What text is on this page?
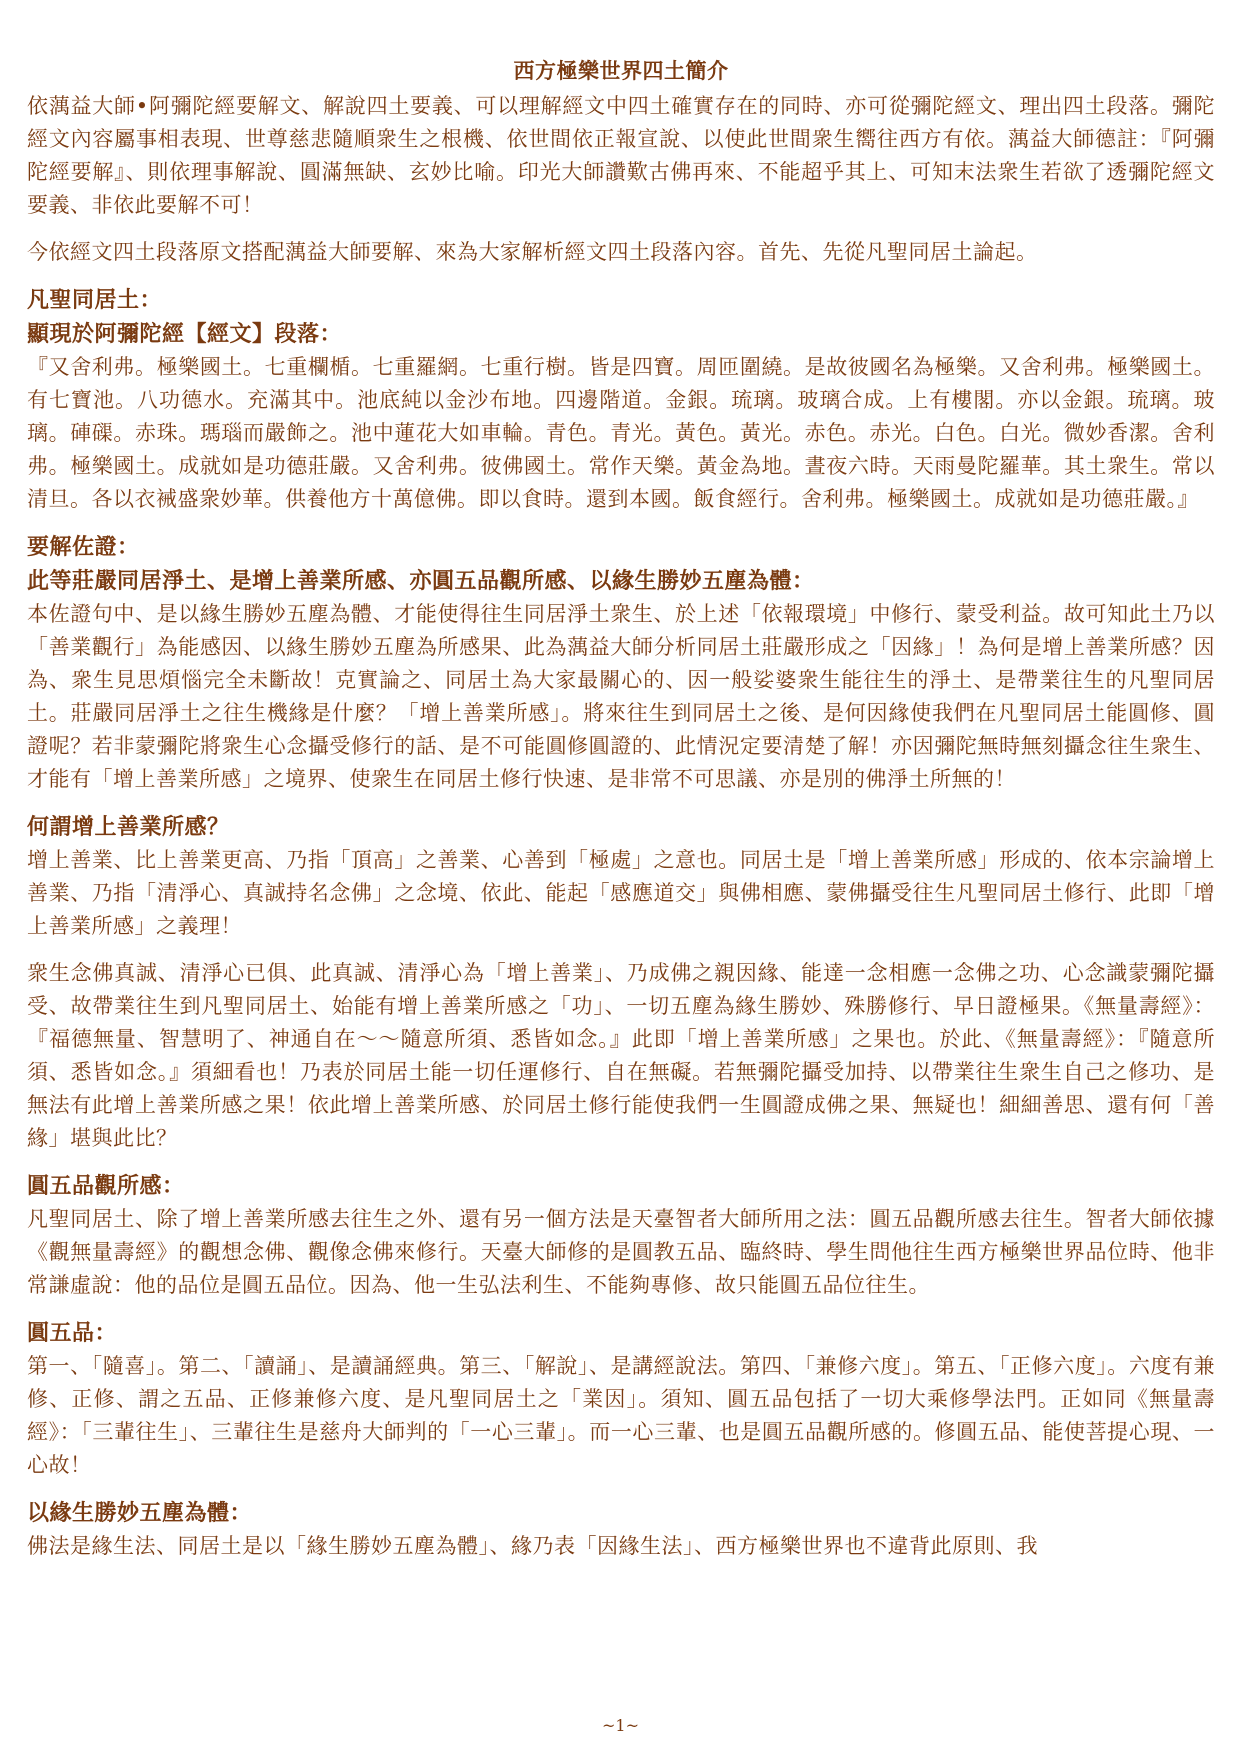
西方極樂世界四土簡介

依蕅益大師•阿彌陀經要解文、解說四土要義、可以理解經文中四土確實存在的同時、亦可從彌陀經文、理出四土段落。彌陀經文內容屬事相表現、世尊慈悲隨順衆生之根機、依世間依正報宣說、以使此世間衆生嚮往西方有依。蕅益大師德註：『阿彌陀經要解』、則依理事解說、圓滿無缺、玄妙比喻。印光大師讚歎古佛再來、不能超乎其上、可知末法衆生若欲了透彌陀經文要義、非依此要解不可！

今依經文四土段落原文搭配蕅益大師要解、來為大家解析經文四土段落內容。首先、先從凡聖同居土論起。

凡聖同居土：
顯現於阿彌陀經【經文】段落：

『又舍利弗。極樂國土。七重欄楯。七重羅網。七重行樹。皆是四寶。周匝圍繞。是故彼國名為極樂。又舍利弗。極樂國土。有七寶池。八功德水。充滿其中。池底純以金沙布地。四邊階道。金銀。琉璃。玻璃合成。上有樓閣。亦以金銀。琉璃。玻璃。硨磲。赤珠。瑪瑙而嚴飾之。池中蓮花大如車輪。青色。青光。黃色。黃光。赤色。赤光。白色。白光。微妙香潔。舍利弗。極樂國土。成就如是功德莊嚴。又舍利弗。彼佛國土。常作天樂。黃金為地。晝夜六時。天雨曼陀羅華。其土衆生。常以清旦。各以衣裓盛衆妙華。供養他方十萬億佛。即以食時。還到本國。飯食經行。舍利弗。極樂國土。成就如是功德莊嚴。』

要解佐證：
此等莊嚴同居淨土、是增上善業所感、亦圓五品觀所感、以緣生勝妙五塵為體：

本佐證句中、是以緣生勝妙五塵為體、才能使得往生同居淨土衆生、於上述「依報環境」中修行、蒙受利益。故可知此土乃以「善業觀行」為能感因、以緣生勝妙五塵為所感果、此為蕅益大師分析同居土莊嚴形成之「因緣」！為何是增上善業所感？因為、衆生見思煩惱完全未斷故！克實論之、同居土為大家最關心的、因一般娑婆衆生能往生的淨土、是帶業往生的凡聖同居土。莊嚴同居淨土之往生機緣是什麼？「增上善業所感」。將來往生到同居土之後、是何因緣使我們在凡聖同居土能圓修、圓證呢？若非蒙彌陀將衆生心念攝受修行的話、是不可能圓修圓證的、此情況定要清楚了解！亦因彌陀無時無刻攝念往生衆生、才能有「增上善業所感」之境界、使衆生在同居土修行快速、是非常不可思議、亦是別的佛淨土所無的！

何謂增上善業所感？

增上善業、比上善業更高、乃指「頂高」之善業、心善到「極處」之意也。同居土是「增上善業所感」形成的、依本宗論增上善業、乃指「清淨心、真誠持名念佛」之念境、依此、能起「感應道交」與佛相應、蒙佛攝受往生凡聖同居土修行、此即「增上善業所感」之義理！

衆生念佛真誠、清淨心已俱、此真誠、清淨心為「增上善業」、乃成佛之親因緣、能達一念相應一念佛之功、心念識蒙彌陀攝受、故帶業往生到凡聖同居土、始能有增上善業所感之「功」、一切五塵為緣生勝妙、殊勝修行、早日證極果。《無量壽經》：『福德無量、智慧明了、神通自在～～隨意所須、悉皆如念。』此即「增上善業所感」之果也。於此、《無量壽經》：『隨意所須、悉皆如念。』須細看也！乃表於同居土能一切任運修行、自在無礙。若無彌陀攝受加持、以帶業往生衆生自己之修功、是無法有此增上善業所感之果！依此增上善業所感、於同居土修行能使我們一生圓證成佛之果、無疑也！細細善思、還有何「善緣」堪與此比？

圓五品觀所感：

凡聖同居土、除了增上善業所感去往生之外、還有另一個方法是天臺智者大師所用之法：圓五品觀所感去往生。智者大師依據《觀無量壽經》的觀想念佛、觀像念佛來修行。天臺大師修的是圓教五品、臨終時、學生問他往生西方極樂世界品位時、他非常謙虛說：他的品位是圓五品位。因為、他一生弘法利生、不能夠專修、故只能圓五品位往生。

圓五品：

第一、「隨喜」。第二、「讀誦」、是讀誦經典。第三、「解說」、是講經說法。第四、「兼修六度」。第五、「正修六度」。六度有兼修、正修、謂之五品、正修兼修六度、是凡聖同居土之「業因」。須知、圓五品包括了一切大乘修學法門。正如同《無量壽經》：「三輩往生」、三輩往生是慈舟大師判的「一心三輩」。而一心三輩、也是圓五品觀所感的。修圓五品、能使菩提心現、一心故！

以緣生勝妙五塵為體：

佛法是緣生法、同居土是以「緣生勝妙五塵為體」、緣乃表「因緣生法」、西方極樂世界也不違背此原則、我

~1~
